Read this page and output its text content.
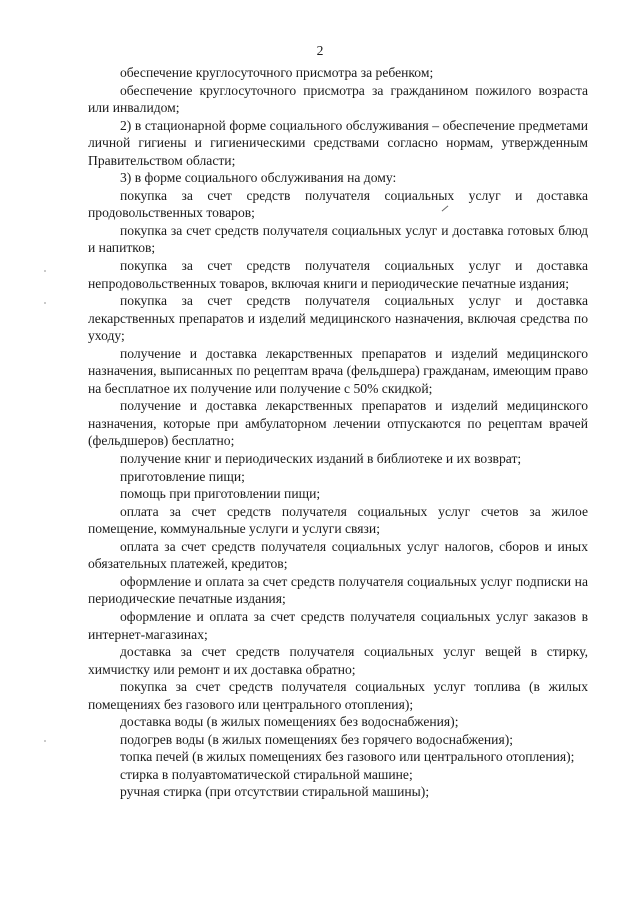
2

обеспечение круглосуточного присмотра за ребенком;

обеспечение круглосуточного присмотра за гражданином пожилого возраста или инвалидом;

2) в стационарной форме социального обслуживания – обеспечение предметами личной гигиены и гигиеническими средствами согласно нормам, утвержденным Правительством области;

3) в форме социального обслуживания на дому:

покупка за счет средств получателя социальных услуг и доставка продовольственных товаров;

покупка за счет средств получателя социальных услуг и доставка готовых блюд и напитков;

покупка за счет средств получателя социальных услуг и доставка непродовольственных товаров, включая книги и периодические печатные издания;

покупка за счет средств получателя социальных услуг и доставка лекарственных препаратов и изделий медицинского назначения, включая средства по уходу;

получение и доставка лекарственных препаратов и изделий медицинского назначения, выписанных по рецептам врача (фельдшера) гражданам, имеющим право на бесплатное их получение или получение с 50% скидкой;

получение и доставка лекарственных препаратов и изделий медицинского назначения, которые при амбулаторном лечении отпускаются по рецептам врачей (фельдшеров) бесплатно;

получение книг и периодических изданий в библиотеке и их возврат;

приготовление пищи;

помощь при приготовлении пищи;

оплата за счет средств получателя социальных услуг счетов за жилое помещение, коммунальные услуги и услуги связи;

оплата за счет средств получателя социальных услуг налогов, сборов и иных обязательных платежей, кредитов;

оформление и оплата за счет средств получателя социальных услуг подписки на периодические печатные издания;

оформление и оплата за счет средств получателя социальных услуг заказов в интернет-магазинах;

доставка за счет средств получателя социальных услуг вещей в стирку, химчистку или ремонт и их доставка обратно;

покупка за счет средств получателя социальных услуг топлива (в жилых помещениях без газового или центрального отопления);

доставка воды (в жилых помещениях без водоснабжения);

подогрев воды (в жилых помещениях без горячего водоснабжения);

топка печей (в жилых помещениях без газового или центрального отопления);

стирка в полуавтоматической стиральной машине;

ручная стирка (при отсутствии стиральной машины);
